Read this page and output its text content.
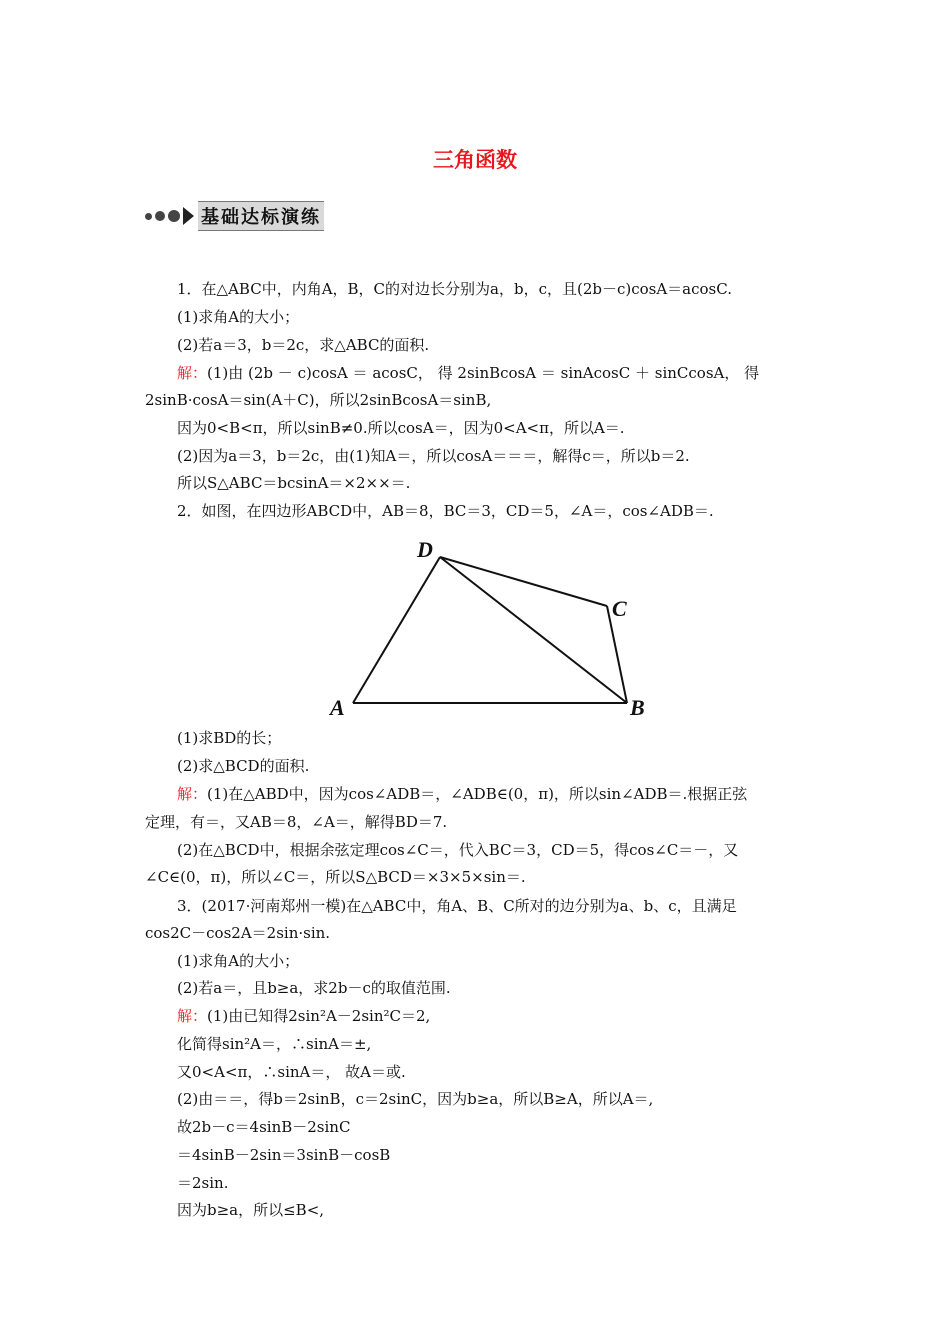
三角函数
基础达标演练
1．在△ABC中，内角A，B，C的对边长分别为a，b，c，且(2b－c)cosA＝acosC.
(1)求角A的大小；
(2)若a＝3，b＝2c，求△ABC的面积.
解：(1)由 (2b － c)cosA ＝ acosC， 得 2sinBcosA ＝ sinAcosC ＋ sinCcosA， 得
2sinB·cosA＝sin(A＋C)，所以2sinBcosA＝sinB,
因为0<B<π，所以sinB≠0.所以cosA＝，因为0<A<π，所以A＝.
(2)因为a＝3，b＝2c，由(1)知A＝，所以cosA＝＝＝，解得c＝，所以b＝2.
所以S△ABC＝bcsinA＝×2××＝.
2．如图，在四边形ABCD中，AB＝8，BC＝3，CD＝5，∠A＝，cos∠ADB＝.
D
C
A	B
(1)求BD的长；
(2)求△BCD的面积.
解：(1)在△ABD中，因为cos∠ADB＝，∠ADB∈(0，π)，所以sin∠ADB＝.根据正弦
定理，有＝，又AB＝8，∠A＝，解得BD＝7.
(2)在△BCD中，根据余弦定理cos∠C＝，代入BC＝3，CD＝5，得cos∠C＝－，又
∠C∈(0，π)，所以∠C＝，所以S△BCD＝×3×5×sin＝.
3．(2017·河南郑州一模)在△ABC中，角A、B、C所对的边分别为a、b、c，且满足
cos2C－cos2A＝2sin·sin.
(1)求角A的大小；
(2)若a＝，且b≥a，求2b－c的取值范围.
解：(1)由已知得2sin²A－2sin²C＝2,
化简得sin²A＝，∴sinA＝±,
又0<A<π，∴sinA＝， 故A＝或.
(2)由＝＝，得b＝2sinB，c＝2sinC，因为b≥a，所以B≥A，所以A＝,
故2b－c＝4sinB－2sinC
＝4sinB－2sin＝3sinB－cosB
＝2sin.
因为b≥a，所以≤B<,
